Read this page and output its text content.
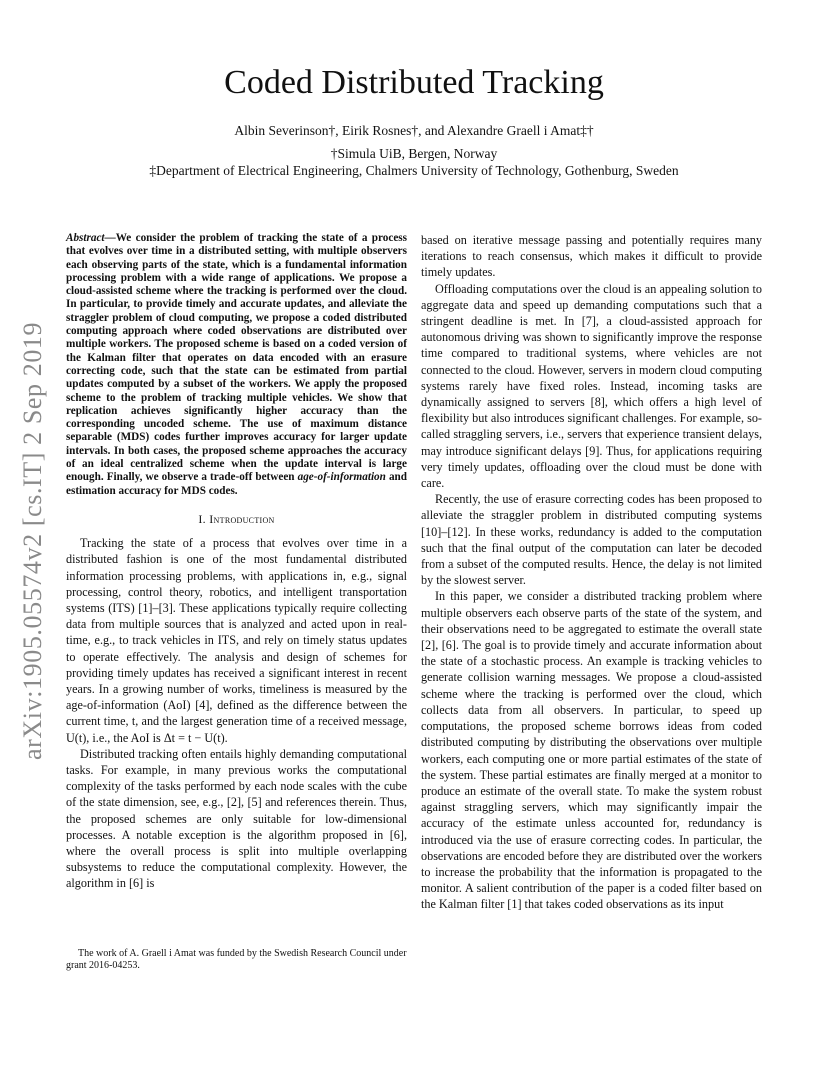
arXiv:1905.05574v2 [cs.IT] 2 Sep 2019
Coded Distributed Tracking
Albin Severinson†, Eirik Rosnes†, and Alexandre Graell i Amat‡†
†Simula UiB, Bergen, Norway
‡Department of Electrical Engineering, Chalmers University of Technology, Gothenburg, Sweden

Abstract—We consider the problem of tracking the state of a process that evolves over time in a distributed setting, with multiple observers each observing parts of the state, which is a fundamental information processing problem with a wide range of applications. We propose a cloud-assisted scheme where the tracking is performed over the cloud. In particular, to provide timely and accurate updates, and alleviate the straggler problem of cloud computing, we propose a coded distributed computing approach where coded observations are distributed over multiple workers. The proposed scheme is based on a coded version of the Kalman filter that operates on data encoded with an erasure correcting code, such that the state can be estimated from partial updates computed by a subset of the workers. We apply the proposed scheme to the problem of tracking multiple vehicles. We show that replication achieves significantly higher accuracy than the corresponding uncoded scheme. The use of maximum distance separable (MDS) codes further improves accuracy for larger update intervals. In both cases, the proposed scheme approaches the accuracy of an ideal centralized scheme when the update interval is large enough. Finally, we observe a trade-off between age-of-information and estimation accuracy for MDS codes.

I. Introduction

Tracking the state of a process that evolves over time in a distributed fashion is one of the most fundamental distributed information processing problems, with applications in, e.g., signal processing, control theory, robotics, and intelligent transportation systems (ITS) [1]–[3]. These applications typically require collecting data from multiple sources that is analyzed and acted upon in real-time, e.g., to track vehicles in ITS, and rely on timely status updates to operate effectively. The analysis and design of schemes for providing timely updates has received a significant interest in recent years. In a growing number of works, timeliness is measured by the age-of-information (AoI) [4], defined as the difference between the current time, t, and the largest generation time of a received message, U(t), i.e., the AoI is Δt = t − U(t).

Distributed tracking often entails highly demanding computational tasks. For example, in many previous works the computational complexity of the tasks performed by each node scales with the cube of the state dimension, see, e.g., [2], [5] and references therein. Thus, the proposed schemes are only suitable for low-dimensional processes. A notable exception is the algorithm proposed in [6], where the overall process is split into multiple overlapping subsystems to reduce the computational complexity. However, the algorithm in [6] is

based on iterative message passing and potentially requires many iterations to reach consensus, which makes it difficult to provide timely updates.

Offloading computations over the cloud is an appealing solution to aggregate data and speed up demanding computations such that a stringent deadline is met. In [7], a cloud-assisted approach for autonomous driving was shown to significantly improve the response time compared to traditional systems, where vehicles are not connected to the cloud. However, servers in modern cloud computing systems rarely have fixed roles. Instead, incoming tasks are dynamically assigned to servers [8], which offers a high level of flexibility but also introduces significant challenges. For example, so-called straggling servers, i.e., servers that experience transient delays, may introduce significant delays [9]. Thus, for applications requiring very timely updates, offloading over the cloud must be done with care.

Recently, the use of erasure correcting codes has been proposed to alleviate the straggler problem in distributed computing systems [10]–[12]. In these works, redundancy is added to the computation such that the final output of the computation can later be decoded from a subset of the computed results. Hence, the delay is not limited by the slowest server.

In this paper, we consider a distributed tracking problem where multiple observers each observe parts of the state of the system, and their observations need to be aggregated to estimate the overall state [2], [6]. The goal is to provide timely and accurate information about the state of a stochastic process. An example is tracking vehicles to generate collision warning messages. We propose a cloud-assisted scheme where the tracking is performed over the cloud, which collects data from all observers. In particular, to speed up computations, the proposed scheme borrows ideas from coded distributed computing by distributing the observations over multiple workers, each computing one or more partial estimates of the state of the system. These partial estimates are finally merged at a monitor to produce an estimate of the overall state. To make the system robust against straggling servers, which may significantly impair the accuracy of the estimate unless accounted for, redundancy is introduced via the use of erasure correcting codes. In particular, the observations are encoded before they are distributed over the workers to increase the probability that the information is propagated to the monitor. A salient contribution of the paper is a coded filter based on the Kalman filter [1] that takes coded observations as its input

The work of A. Graell i Amat was funded by the Swedish Research Council under grant 2016-04253.
